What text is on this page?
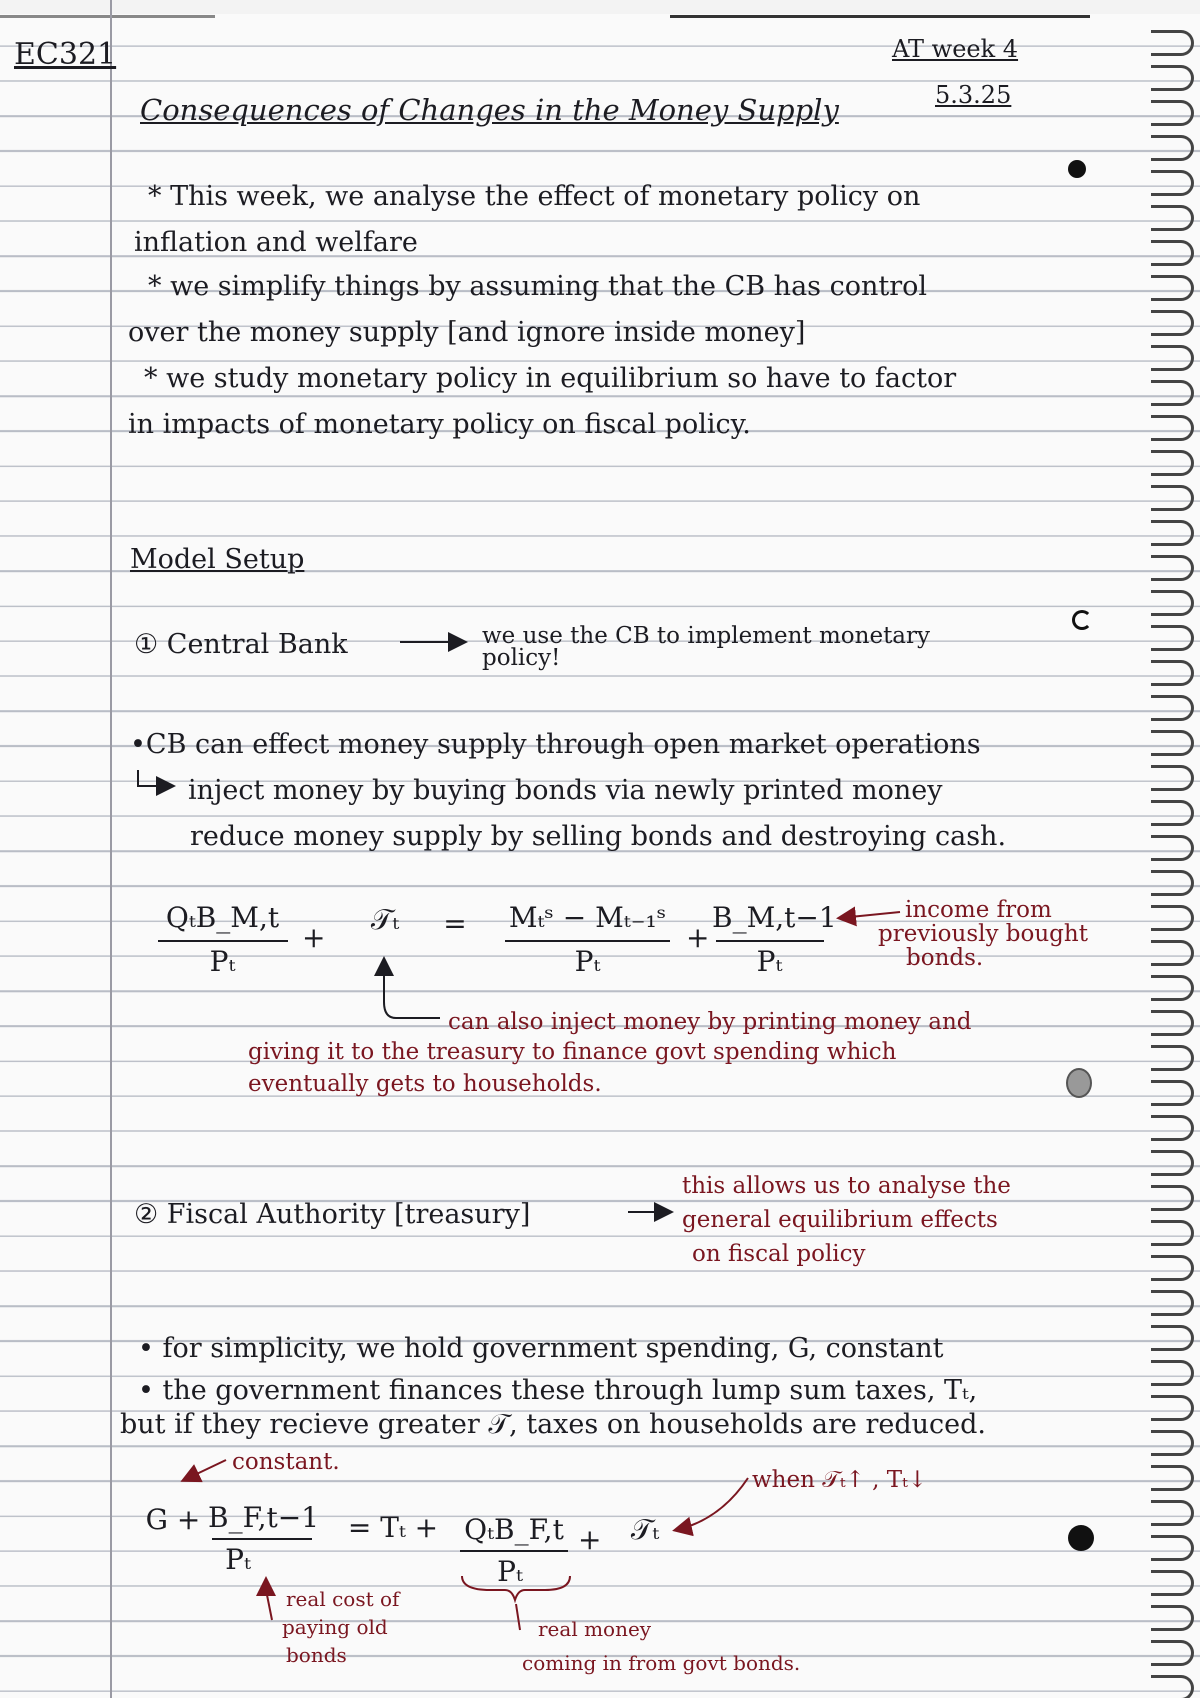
EC321	AT week 4
5.3.25
Consequences of Changes in the Money Supply
* This week, we analyse the effect of monetary policy on
inflation and welfare
* we simplify things by assuming that the CB has control
over the money supply [and ignore inside money]
* we study monetary policy in equilibrium so have to factor
in impacts of monetary policy on fiscal policy.
Model Setup
① Central Bank	we use the CB to implement monetary
policy!
•CB can effect money supply through open market operations
inject money by buying bonds via newly printed money
reduce money supply by selling bonds and destroying cash.
QₜB_M,t
Pₜ
+
𝒯ₜ	=	Mₜˢ − Mₜ₋₁ˢ
Pₜ
+
B_M,t−1
Pₜ
income from
previously bought
bonds.
can also inject money by printing money and
giving it to the treasury to finance govt spending which
eventually gets to households.
② Fiscal Authority [treasury]
this allows us to analyse the
general equilibrium effects
on fiscal policy
• for simplicity, we hold government spending, G, constant
• the government finances these through lump sum taxes, Tₜ,
but if they recieve greater 𝒯, taxes on households are reduced.
constant.
when 𝒯ₜ↑ , Tₜ↓
G + B_F,t−1
Pₜ
= Tₜ + QₜB_F,t
Pₜ
+	𝒯ₜ
real cost of
paying old
bonds
real money
coming in from govt bonds.
